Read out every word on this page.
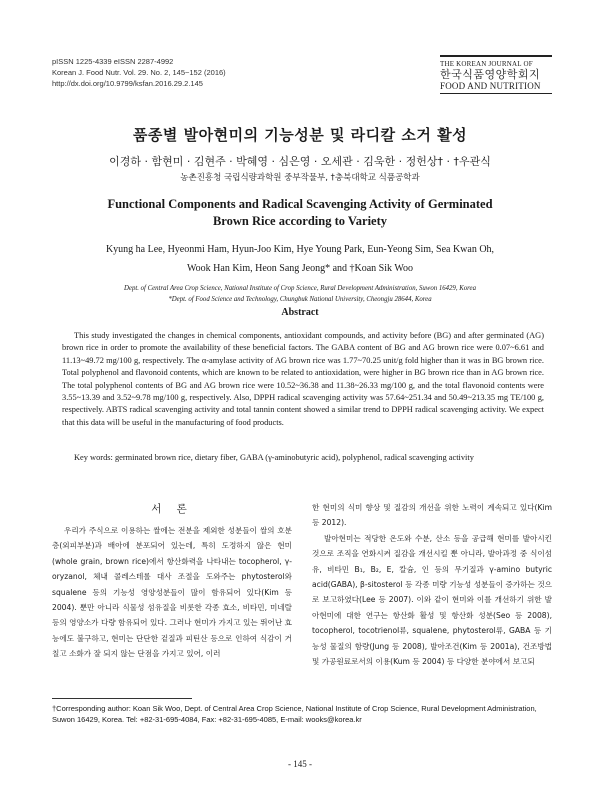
pISSN 1225-4339 eISSN 2287-4992
Korean J. Food Nutr. Vol. 29. No. 2, 145~152 (2016)
http://dx.doi.org/10.9799/ksfan.2016.29.2.145
THE KOREAN JOURNAL OF
한국식품영양학회지
FOOD AND NUTRITION
품종별 발아현미의 기능성분 및 라디칼 소거 활성
이경하 · 함현미 · 김현주 · 박혜영 · 심은영 · 오세관 · 김욱한 · 정헌상† · †우관식
농촌진흥청 국립식량과학원 중부작물부, †충북대학교 식품공학과
Functional Components and Radical Scavenging Activity of Germinated Brown Rice according to Variety
Kyung ha Lee, Hyeonmi Ham, Hyun-Joo Kim, Hye Young Park, Eun-Yeong Sim, Sea Kwan Oh,
Wook Han Kim, Heon Sang Jeong* and †Koan Sik Woo
Dept. of Central Area Crop Science, National Institute of Crop Science, Rural Development Administration, Suwon 16429, Korea
*Dept. of Food Science and Technology, Chungbuk National University, Cheongju 28644, Korea
Abstract

This study investigated the changes in chemical components, antioxidant compounds, and activity before (BG) and after germinated (AG) brown rice in order to promote the availability of these beneficial factors. The GABA content of BG and AG brown rice were 0.07~6.61 and 11.13~49.72 mg/100 g, respectively. The α-amylase activity of AG brown rice was 1.77~70.25 unit/g fold higher than it was in BG brown rice. Total polyphenol and flavonoid contents, which are known to be related to antioxidation, were higher in BG brown rice than in AG brown rice. The total polyphenol contents of BG and AG brown rice were 10.52~36.38 and 11.38~26.33 mg/100 g, and the total flavonoid contents were 3.55~13.39 and 3.52~9.78 mg/100 g, respectively. Also, DPPH radical scavenging activity was 57.64~251.34 and 50.49~213.35 mg TE/100 g, respectively. ABTS radical scavenging activity and total tannin content showed a similar trend to DPPH radical scavenging activity. We expect that this data will be useful in the manufacturing of food products.

Key words: germinated brown rice, dietary fiber, GABA (γ-aminobutyric acid), polyphenol, radical scavenging activity
서 론

우리가 주식으로 이용하는 쌀에는 전분을 제외한 성분들이 쌀의 호분층(외피부분)과 배아에 분포되어 있는데, 특히 도정하지 않은 현미(whole grain, brown rice)에서 항산화력을 나타내는 tocopherol, γ-oryzanol, 체내 콜레스테롤 대사 조절을 도와주는 phytosterol와 squalene 등의 기능성 영양성분들이 많이 함유되어 있다(Kim 등 2004). 뿐만 아니라 식물성 섬유질을 비롯한 각종 효소, 비타민, 미네랄 등의 영양소가 다량 함유되어 있다. 그러나 현미가 가지고 있는 뛰어난 효능에도 불구하고, 현미는 단단한 겉질과 피틴산 등으로 인하여 식감이 거칠고 소화가 잘 되지 않는 단점을 가지고 있어, 이러

한 현미의 식미 향상 및 질감의 개선을 위한 노력이 계속되고 있다(Kim 등 2012).

발아현미는 적당한 온도와 수분, 산소 등을 공급해 현미를 발아시킨 것으로 조직을 연화시켜 질감을 개선시킬 뿐 아니라, 발아과정 중 식이섬유, 비타민 B₁, B₂, E, 칼슘, 인 등의 무기질과 γ-amino butyric acid(GABA), β-sitosterol 등 각종 미량 기능성 성분들이 증가하는 것으로 보고하였다(Lee 등 2007). 이와 같이 현미와 이를 개선하기 위한 발아현미에 대한 연구는 항산화 활성 및 항산화 성분(Seo 등 2008), tocopherol, tocotrienol류, squalene, phytosterol류, GABA 등 기능성 물질의 함량(Jung 등 2008), 발아조건(Kim 등 2001a), 건조방법 및 가공원료로서의 이용(Kum 등 2004) 등 다양한 분야에서 보고되

†Corresponding author: Koan Sik Woo, Dept. of Central Area Crop Science, National Institute of Crop Science, Rural Development Administration, Suwon 16429, Korea. Tel: +82-31-695-4084, Fax: +82-31-695-4085, E-mail: wooks@korea.kr
- 145 -
